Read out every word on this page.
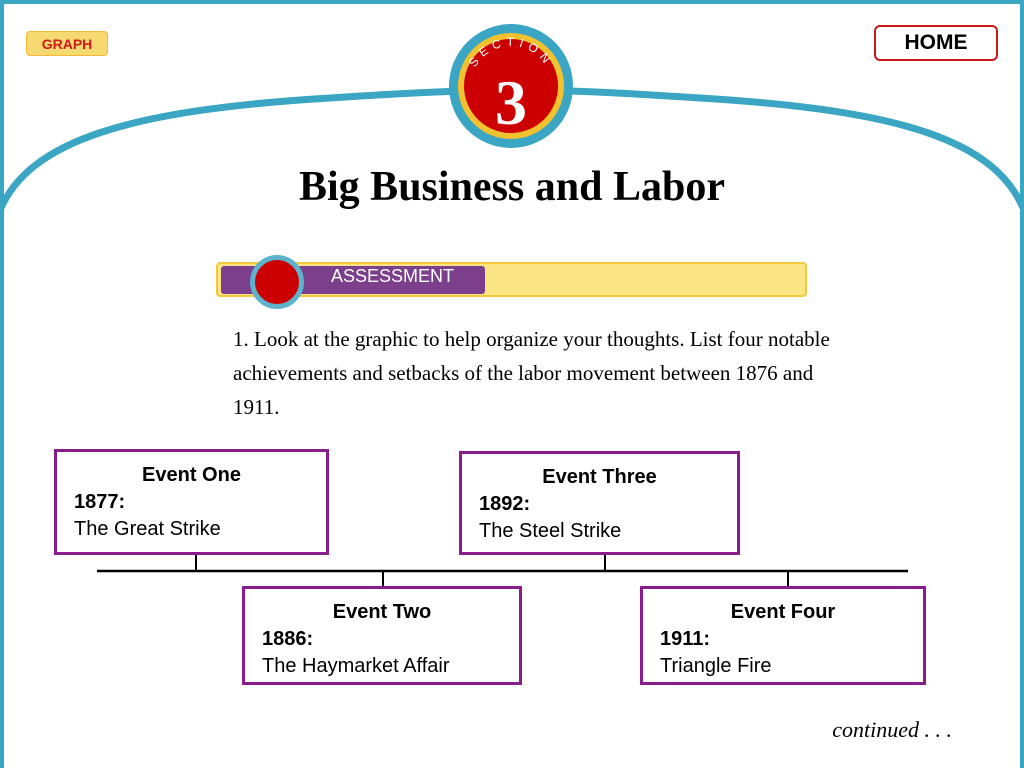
SECTION
3
GRAPH	HOME
Big Business and Labor
ASSESSMENT

1. Look at the graphic to help organize your thoughts. List four notable achievements and setbacks of the labor movement between 1876 and 1911.

Event One
1877:
The Great Strike
Event Three
1892:
The Steel Strike
Event Two
1886:
The Haymarket Affair
Event Four
1911:
Triangle Fire
continued . . .
